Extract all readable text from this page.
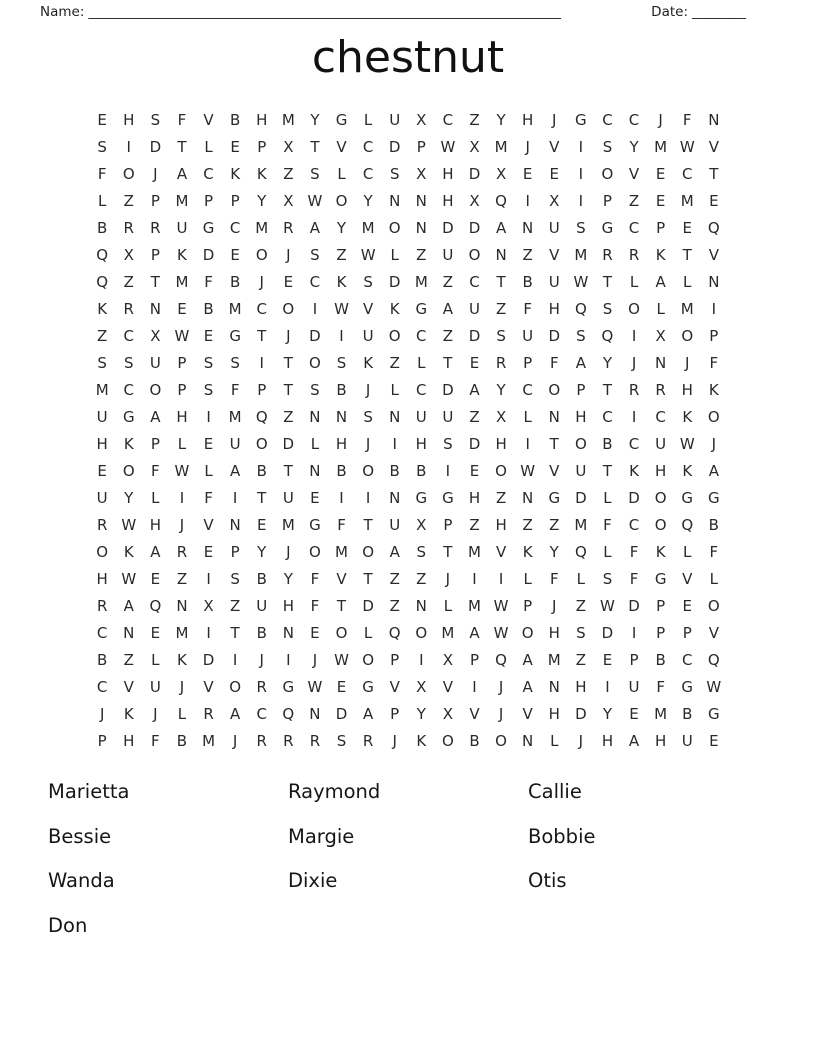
Name: ______________________________________________________________________	Date: ________
chestnut
E	H	S	F	V	B	H M	Y	G	L	U	X	C	Z	Y	H	J	G	C	C	J	F	N
S	I	D	T	L	E	P	X	T	V	C	D	P W X M	J	V	I	S	Y	M W V
F	O	J	A	C	K	K	Z	S	L	C	S	X	H	D	X	E	E	I	O	V	E	C	T
L	Z	P	M	P	P	Y	X W O	Y	N	N	H	X	Q	I	X	I	P	Z	E	M	E
B	R	R	U	G	C M R	A	Y	M O	N	D	D	A	N	U	S	G	C	P	E	Q
Q	X	P	K	D	E	O	J	S	Z W L	Z	U	O	N	Z	V M R	R	K	T	V
Q	Z	T	M	F	B	J	E	C	K	S	D M Z	C	T	B	U W T	L	A	L	N
K	R	N	E	B M C	O	I	W V	K	G	A	U	Z	F	H	Q	S	O	L	M	I
Z	C	X W E	G	T	J	D	I	U	O	C	Z	D	S	U	D	S	Q	I	X	O	P
S	S	U	P	S	S	I	T	O	S	K	Z	L	T	E	R	P	F	A	Y	J	N	J	F
M C	O	P	S	F	P	T	S	B	J	L	C	D	A	Y	C	O	P	T	R	R	H	K
U	G	A	H	I	M Q	Z	N	N	S	N	U	U	Z	X	L	N	H	C	I	C	K	O
H	K	P	L	E	U	O D	L	H	J	I	H	S	D	H	I	T	O	B	C	U W	J
E	O	F W L	A	B	T	N	B	O	B	B	I	E	O W V	U	T	K	H	K	A
U	Y	L	I	F	I	T	U	E	I	I	N	G G	H	Z	N	G	D	L	D O G G
R W H	J	V	N	E	M G	F	T	U	X	P	Z	H	Z	Z M	F	C	O Q	B
O	K	A	R	E	P	Y	J	O M O	A	S	T	M V	K	Y	Q	L	F	K	L	F
H W E	Z	I	S	B	Y	F	V	T	Z	Z	J	I	I	L	F	L	S	F	G	V	L
R	A	Q	N	X	Z	U	H	F	T	D	Z	N	L	M W P	J	Z W D	P	E	O
C	N	E	M	I	T	B	N	E	O	L	Q O M A W O	H	S	D	I	P	P	V
B	Z	L	K	D	I	J	I	J	W O	P	I	X	P	Q	A M Z	E	P	B	C	Q
C	V	U	J	V	O	R	G W E	G	V	X	V	I	J	A	N	H	I	U	F	G W
J	K	J	L	R	A	C	Q	N	D	A	P	Y	X	V	J	V	H	D	Y	E	M B	G
P	H	F	B M	J	R	R	R	S	R	J	K	O	B	O	N	L	J	H	A	H	U	E
Marietta	Raymond	Callie
Bessie	Margie	Bobbie
Wanda	Dixie	Otis
Don
